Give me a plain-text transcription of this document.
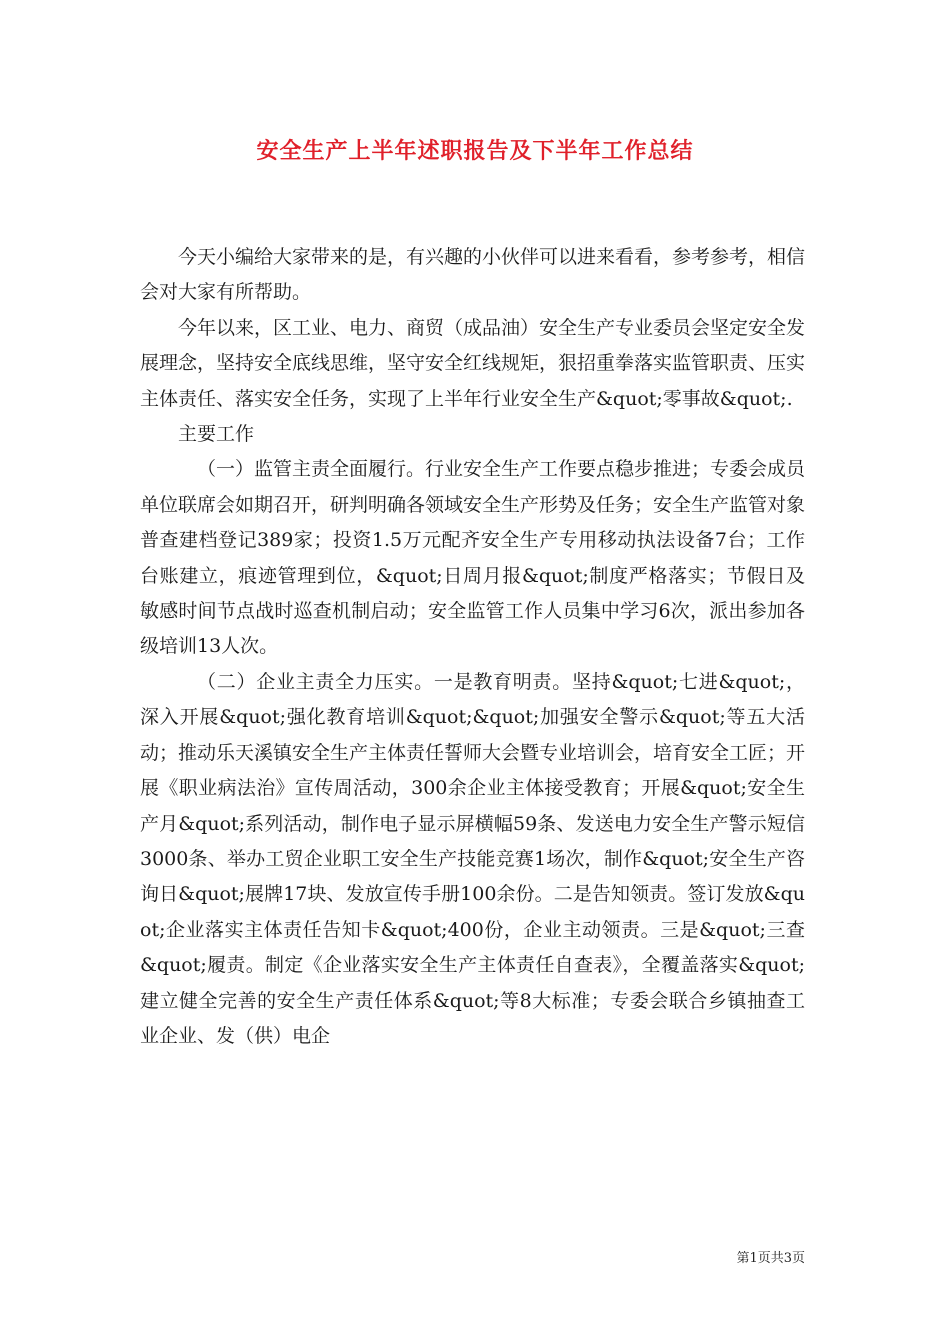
安全生产上半年述职报告及下半年工作总结

今天小编给大家带来的是，有兴趣的小伙伴可以进来看看，参考参考，相信会对大家有所帮助。

今年以来，区工业、电力、商贸（成品油）安全生产专业委员会坚定安全发展理念，坚持安全底线思维，坚守安全红线规矩，狠招重拳落实监管职责、压实主体责任、落实安全任务，实现了上半年行业安全生产&quot;零事故&quot;.

主要工作

（一）监管主责全面履行。行业安全生产工作要点稳步推进；专委会成员单位联席会如期召开，研判明确各领域安全生产形势及任务；安全生产监管对象普查建档登记389家；投资1.5万元配齐安全生产专用移动执法设备7台；工作台账建立，痕迹管理到位，&quot;日周月报&quot;制度严格落实；节假日及敏感时间节点战时巡查机制启动；安全监管工作人员集中学习6次，派出参加各级培训13人次。

（二）企业主责全力压实。一是教育明责。坚持&quot;七进&quot;，深入开展&quot;强化教育培训&quot;&quot;加强安全警示&quot;等五大活动；推动乐天溪镇安全生产主体责任誓师大会暨专业培训会，培育安全工匠；开展《职业病法治》宣传周活动，300余企业主体接受教育；开展&quot;安全生产月&quot;系列活动，制作电子显示屏横幅59条、发送电力安全生产警示短信3000条、举办工贸企业职工安全生产技能竞赛1场次，制作&quot;安全生产咨询日&quot;展牌17块、发放宣传手册100余份。二是告知领责。签订发放&quot;企业落实主体责任告知卡&quot;400份，企业主动领责。三是&quot;三查&quot;履责。制定《企业落实安全生产主体责任自查表》，全覆盖落实&quot;建立健全完善的安全生产责任体系&quot;等8大标准；专委会联合乡镇抽查工业企业、发（供）电企

第1页共3页
